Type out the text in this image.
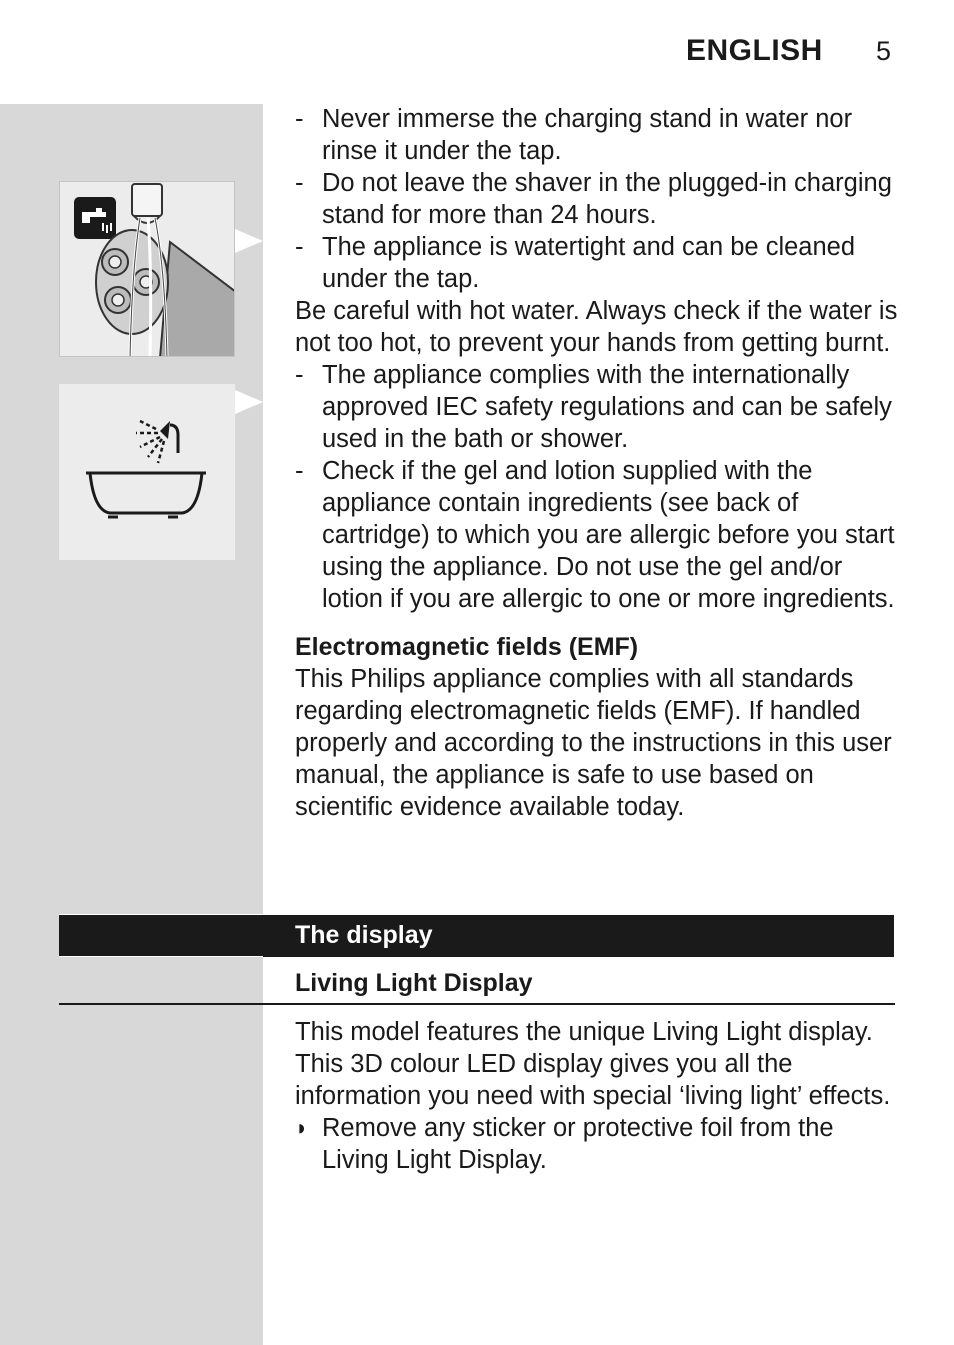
ENGLISH 5
- Never immerse the charging stand in water nor rinse it under the tap.
- Do not leave the shaver in the plugged-in charging stand for more than 24 hours.
- The appliance is watertight and can be cleaned under the tap.

Be careful with hot water. Always check if the water is not too hot, to prevent your hands from getting burnt.

- The appliance complies with the internationally approved IEC safety regulations and can be safely used in the bath or shower.
- Check if the gel and lotion supplied with the appliance contain ingredients (see back of cartridge) to which you are allergic before you start using the appliance. Do not use the gel and/or lotion if you are allergic to one or more ingredients.

Electromagnetic fields (EMF)

This Philips appliance complies with all standards regarding electromagnetic fields (EMF). If handled properly and according to the instructions in this user manual, the appliance is safe to use based on scientific evidence available today.

The display
Living Light Display

This model features the unique Living Light display. This 3D colour LED display gives you all the information you need with special ‘living light’ effects.

◗ Remove any sticker or protective foil from the Living Light Display.
